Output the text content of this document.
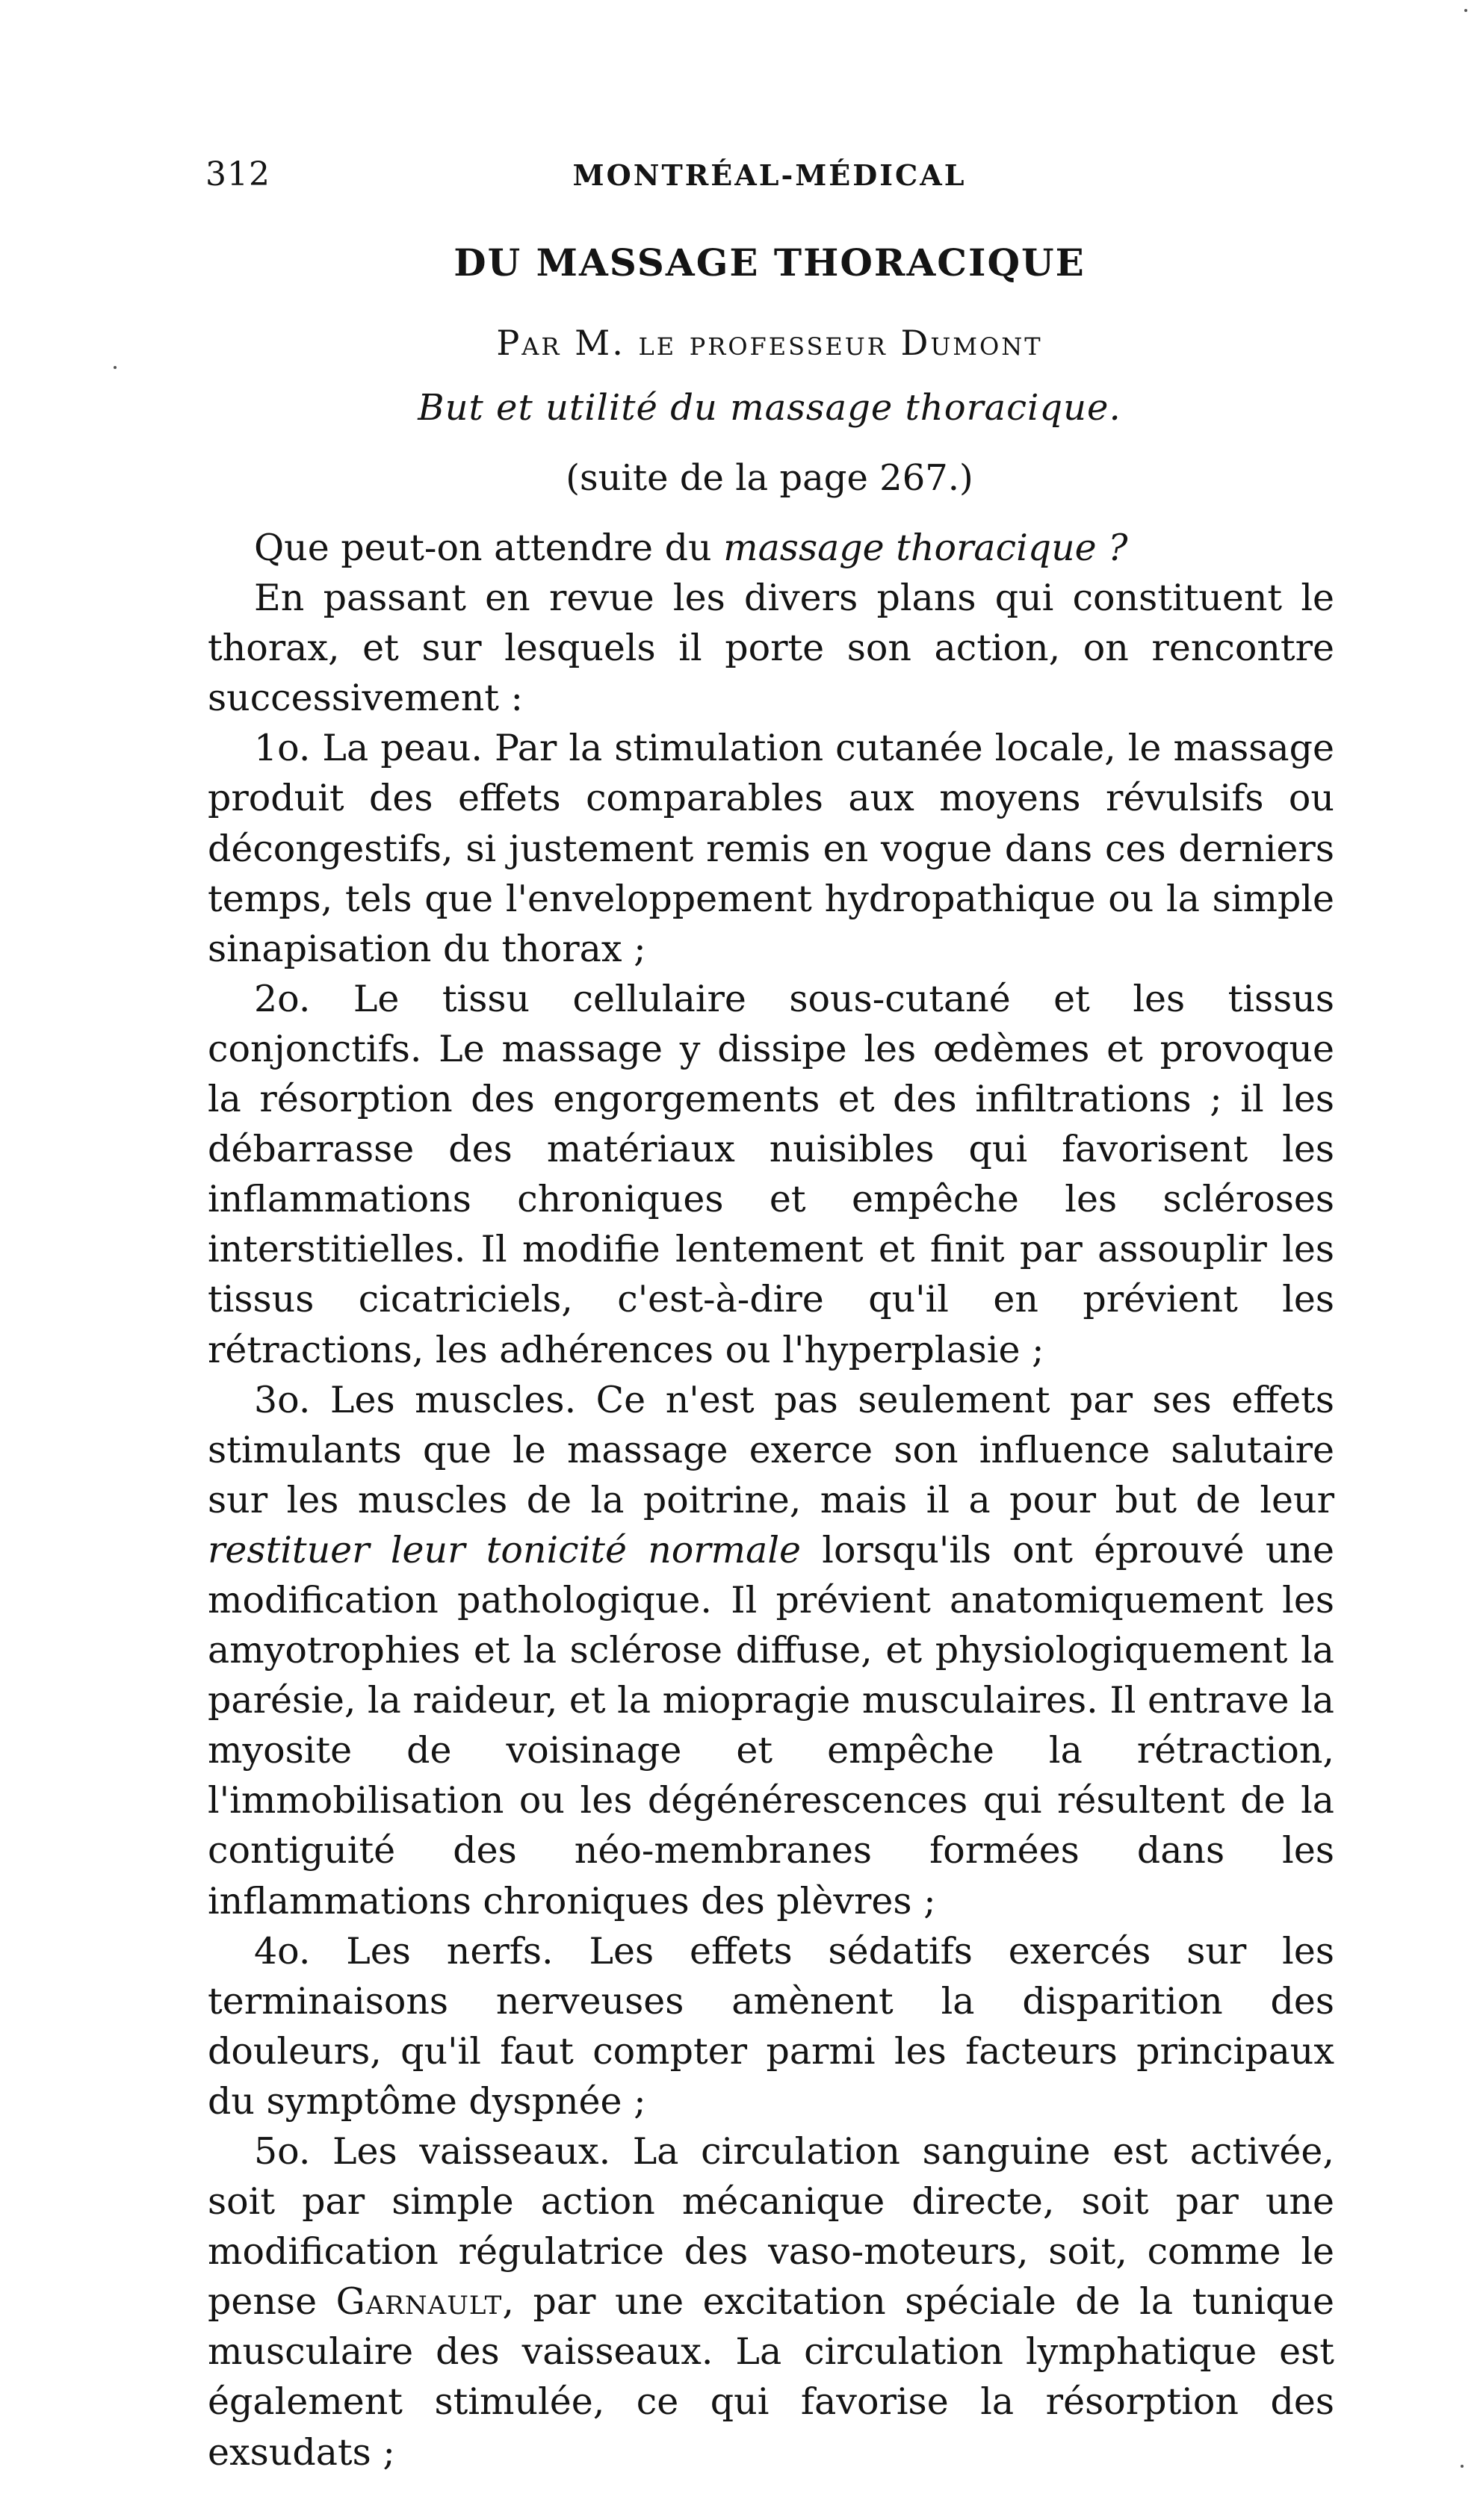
312	MONTRÉAL-MÉDICAL
DU MASSAGE THORACIQUE
Par M. le professeur Dumont
But et utilité du massage thoracique.
(suite de la page 267.)

Que peut-on attendre du massage thoracique ?

En passant en revue les divers plans qui constituent le thorax, et sur lesquels il porte son action, on rencontre successivement :

1o. La peau. Par la stimulation cutanée locale, le massage produit des effets comparables aux moyens révulsifs ou décongestifs, si justement remis en vogue dans ces derniers temps, tels que l'enveloppement hydropathique ou la simple sinapisation du thorax ;

2o. Le tissu cellulaire sous-cutané et les tissus conjonctifs. Le massage y dissipe les œdèmes et provoque la résorption des engorgements et des infiltrations ; il les débarrasse des matériaux nuisibles qui favorisent les inflammations chroniques et empêche les scléroses interstitielles. Il modifie lentement et finit par assouplir les tissus cicatriciels, c'est-à-dire qu'il en prévient les rétractions, les adhérences ou l'hyperplasie ;

3o. Les muscles. Ce n'est pas seulement par ses effets stimulants que le massage exerce son influence salutaire sur les muscles de la poitrine, mais il a pour but de leur restituer leur tonicité normale lorsqu'ils ont éprouvé une modification pathologique. Il prévient anatomiquement les amyotrophies et la sclérose diffuse, et physiologiquement la parésie, la raideur, et la miopragie musculaires. Il entrave la myosite de voisinage et empêche la rétraction, l'immobilisation ou les dégénérescences qui résultent de la contiguité des néo-membranes formées dans les inflammations chroniques des plèvres ;

4o. Les nerfs. Les effets sédatifs exercés sur les terminaisons nerveuses amènent la disparition des douleurs, qu'il faut compter parmi les facteurs principaux du symptôme dyspnée ;

5o. Les vaisseaux. La circulation sanguine est activée, soit par simple action mécanique directe, soit par une modification régulatrice des vaso-moteurs, soit, comme le pense Garnault, par une excitation spéciale de la tunique musculaire des vaisseaux. La circulation lymphatique est également stimulée, ce qui favorise la résorption des exsudats ;
